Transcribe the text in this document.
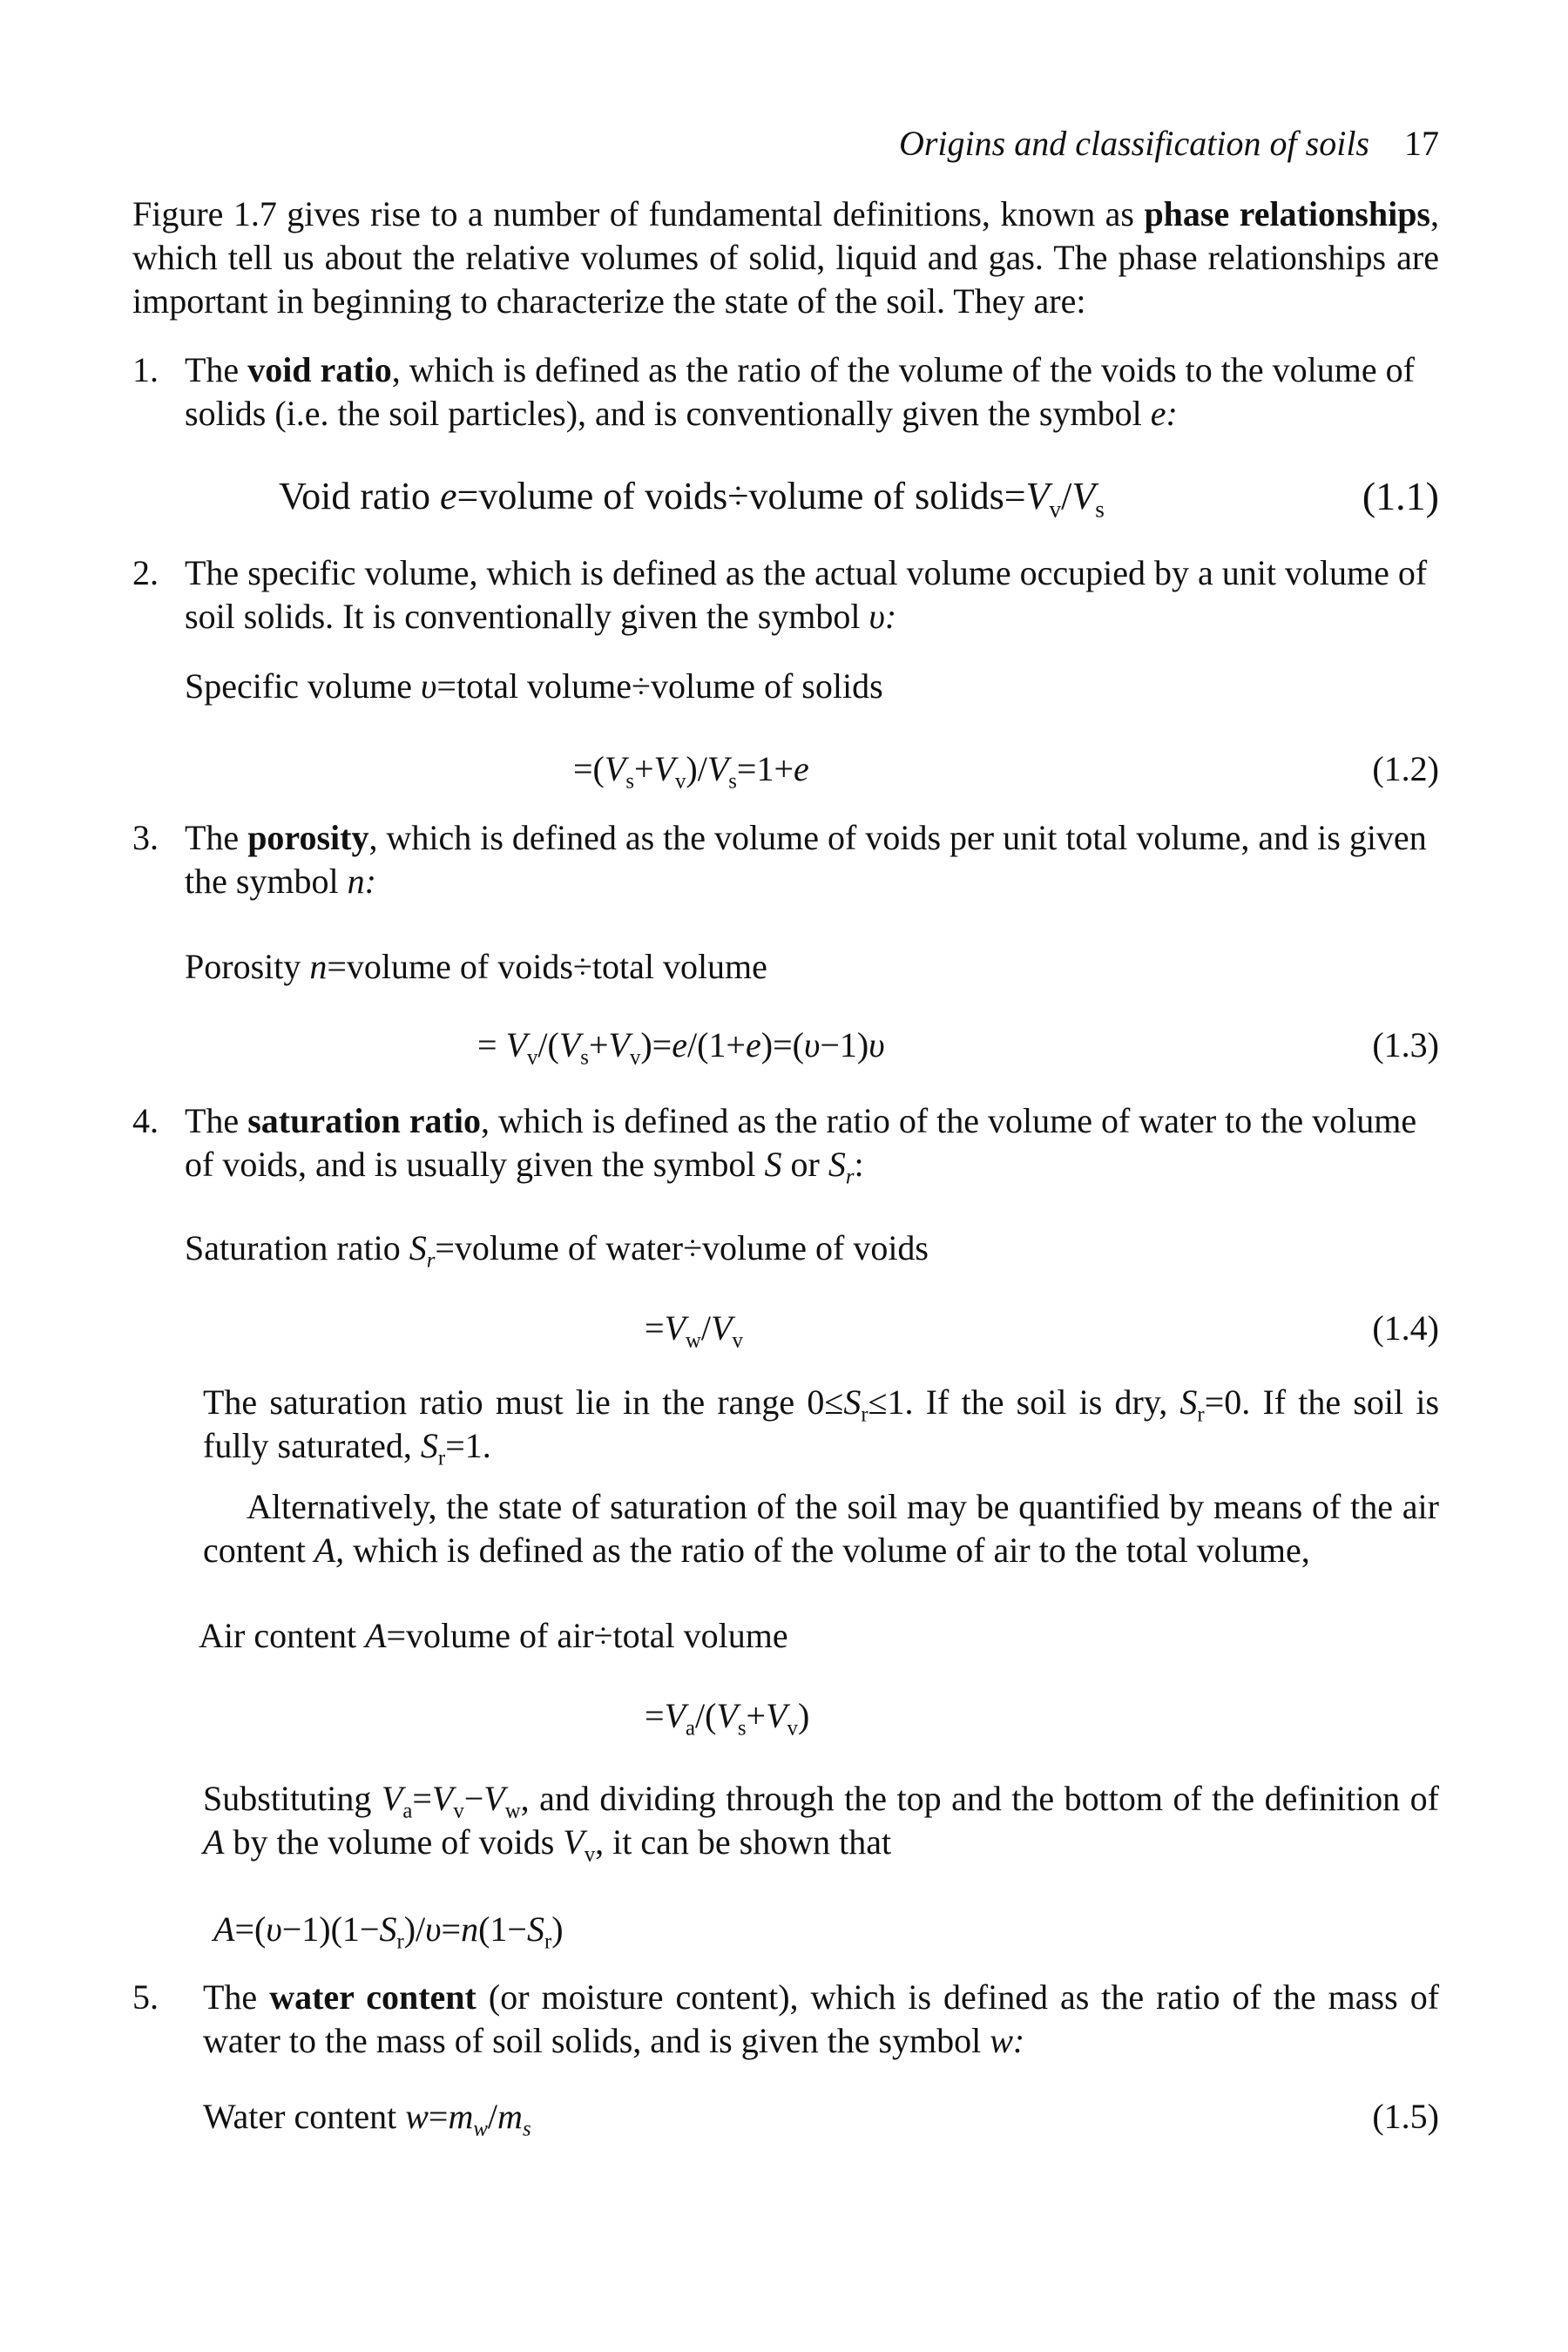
Origins and classification of soils 17
Figure 1.7 gives rise to a number of fundamental definitions, known as phase relationships, which tell us about the relative volumes of solid, liquid and gas. The phase relationships are important in beginning to characterize the state of the soil. They are:
1. The void ratio, which is defined as the ratio of the volume of the voids to the volume of solids (i.e. the soil particles), and is conventionally given the symbol e:
Void ratio e=volume of voids÷volume of $solids=V_v/V_s$	(1.1)
2. The specific volume, which is defined as the actual volume occupied by a unit volume of soil solids. It is conventionally given the symbol υ:
Specific volume υ=total volume÷volume of solids
$=(V_s+V_v)/V_s=1+e$	(1.2)
3. The porosity, which is defined as the volume of voids per unit total volume, and is given the symbol n:
Porosity n=volume of voids÷total volume
= $V_v/(V_s+V_v)=e/(1+e)=(\upsilon-1)\upsilon$	(1.3)
4. The saturation ratio, which is defined as the ratio of the volume of water to the volume of voids, and is usually given the symbol S or $S_r$:
Saturation ratio $S_r=volume$ of water÷volume of voids
$=V_w/V_v$	(1.4)
The saturation ratio must lie in the range $0\le S_r\le 1$. If the soil is dry, $S_r=0$. If the soil is fully saturated, $S_r=1$.
Alternatively, the state of saturation of the soil may be quantified by means of the air content A, which is defined as the ratio of the volume of air to the total volume,
Air content A=volume of air÷total volume
$=V_a/(V_s+V_v)$
Substituting $V_a=V_v-V_w$, and dividing through the top and the bottom of the definition of A by the volume of voids $V_v$, it can be shown that
$A=(\upsilon-1)(1-S_r)/\upsilon=n(1-S_r)$
5. The water content (or moisture content), which is defined as the ratio of the mass of water to the mass of soil solids, and is given the symbol w:
Water content $w=m_w/m_s$	(1.5)
